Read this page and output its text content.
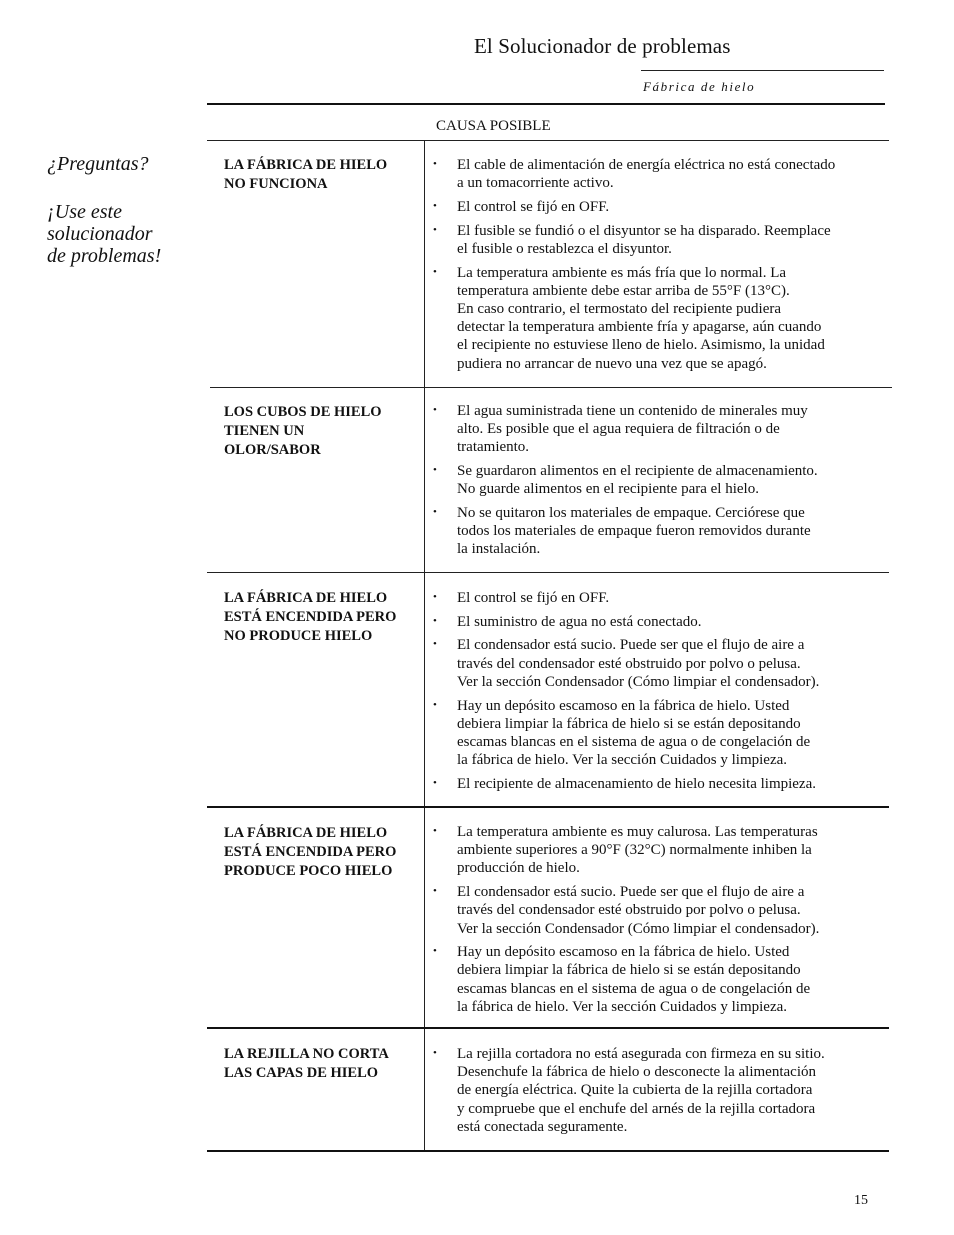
El Solucionador de problemas
Fábrica de hielo
CAUSA POSIBLE

¿Preguntas?

¡Use este

solucionador

de problemas!

LA FÁBRICA DE HIELO
NO FUNCIONA
• El cable de alimentación de energía eléctrica no está conectado
a un tomacorriente activo.
• El control se fijó en OFF.
• El fusible se fundió o el disyuntor se ha disparado. Reemplace
el fusible o restablezca el disyuntor.
• La temperatura ambiente es más fría que lo normal. La
temperatura ambiente debe estar arriba de 55°F (13°C).
En caso contrario, el termostato del recipiente pudiera
detectar la temperatura ambiente fría y apagarse, aún cuando
el recipiente no estuviese lleno de hielo. Asimismo, la unidad
pudiera no arrancar de nuevo una vez que se apagó.
LOS CUBOS DE HIELO
TIENEN UN
OLOR/SABOR
• El agua suministrada tiene un contenido de minerales muy
alto. Es posible que el agua requiera de filtración o de
tratamiento.
• Se guardaron alimentos en el recipiente de almacenamiento.
No guarde alimentos en el recipiente para el hielo.
• No se quitaron los materiales de empaque. Cerciórese que
todos los materiales de empaque fueron removidos durante
la instalación.
LA FÁBRICA DE HIELO
ESTÁ ENCENDIDA PERO
NO PRODUCE HIELO
• El control se fijó en OFF.
• El suministro de agua no está conectado.
• El condensador está sucio. Puede ser que el flujo de aire a
través del condensador esté obstruido por polvo o pelusa.
Ver la sección Condensador (Cómo limpiar el condensador).
• Hay un depósito escamoso en la fábrica de hielo. Usted
debiera limpiar la fábrica de hielo si se están depositando
escamas blancas en el sistema de agua o de congelación de
la fábrica de hielo. Ver la sección Cuidados y limpieza.
• El recipiente de almacenamiento de hielo necesita limpieza.
LA FÁBRICA DE HIELO
ESTÁ ENCENDIDA PERO
PRODUCE POCO HIELO
• La temperatura ambiente es muy calurosa. Las temperaturas
ambiente superiores a 90°F (32°C) normalmente inhiben la
producción de hielo.
• El condensador está sucio. Puede ser que el flujo de aire a
través del condensador esté obstruido por polvo o pelusa.
Ver la sección Condensador (Cómo limpiar el condensador).
• Hay un depósito escamoso en la fábrica de hielo. Usted
debiera limpiar la fábrica de hielo si se están depositando
escamas blancas en el sistema de agua o de congelación de
la fábrica de hielo. Ver la sección Cuidados y limpieza.
LA REJILLA NO CORTA
LAS CAPAS DE HIELO
• La rejilla cortadora no está asegurada con firmeza en su sitio.
Desenchufe la fábrica de hielo o desconecte la alimentación
de energía eléctrica. Quite la cubierta de la rejilla cortadora
y compruebe que el enchufe del arnés de la rejilla cortadora
está conectada seguramente.
15
